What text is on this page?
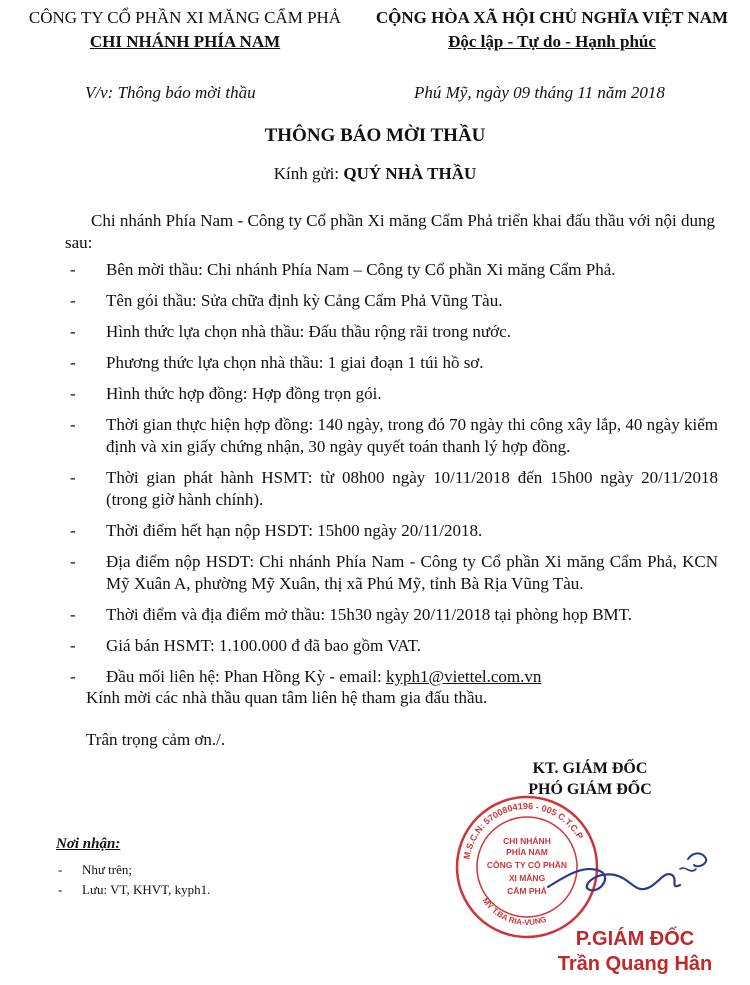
CÔNG TY CỔ PHẦN XI MĂNG CẨM PHẢ
CHI NHÁNH PHÍA NAM
CỘNG HÒA XÃ HỘI CHỦ NGHĨA VIỆT NAM
Độc lập - Tự do - Hạnh phúc
V/v: Thông báo mời thầu	Phú Mỹ, ngày 09 tháng 11 năm 2018
THÔNG BÁO MỜI THẦU
Kính gửi: QUÝ NHÀ THẦU
Chi nhánh Phía Nam - Công ty Cổ phần Xi măng Cẩm Phả triển khai đấu thầu với nội dung sau:
- Bên mời thầu: Chi nhánh Phía Nam – Công ty Cổ phần Xi măng Cẩm Phả.
- Tên gói thầu: Sửa chữa định kỳ Cảng Cẩm Phả Vũng Tàu.
- Hình thức lựa chọn nhà thầu: Đấu thầu rộng rãi trong nước.
- Phương thức lựa chọn nhà thầu: 1 giai đoạn 1 túi hồ sơ.
- Hình thức hợp đồng: Hợp đồng trọn gói.
- Thời gian thực hiện hợp đồng: 140 ngày, trong đó 70 ngày thi công xây lắp, 40 ngày kiểm định và xin giấy chứng nhận, 30 ngày quyết toán thanh lý hợp đồng.
- Thời gian phát hành HSMT: từ 08h00 ngày 10/11/2018 đến 15h00 ngày 20/11/2018 (trong giờ hành chính).
- Thời điểm hết hạn nộp HSDT: 15h00 ngày 20/11/2018.
- Địa điểm nộp HSDT: Chi nhánh Phía Nam - Công ty Cổ phần Xi măng Cẩm Phả, KCN Mỹ Xuân A, phường Mỹ Xuân, thị xã Phú Mỹ, tỉnh Bà Rịa Vũng Tàu.
- Thời điểm và địa điểm mở thầu: 15h30 ngày 20/11/2018 tại phòng họp BMT.
- Giá bán HSMT: 1.100.000 đ đã bao gồm VAT.
- Đầu mối liên hệ: Phan Hồng Kỳ - email: kyph1@viettel.com.vn
Kính mời các nhà thầu quan tâm liên hệ tham gia đấu thầu.
Trân trọng cảm ơn./.
KT. GIÁM ĐỐC
PHÓ GIÁM ĐỐC
M.S.C.N: 5700804196 - 005 C.T.C.P
MỸ T.BA RIA-VUNG
CHI NHÁNH
PHÍA NAM
CÔNG TY CỔ PHẦN
XI MĂNG
CẨM PHẢ
P.GIÁM ĐỐC
Trần Quang Hân
Nơi nhận:
- Như trên;
- Lưu: VT, KHVT, kyph1.
